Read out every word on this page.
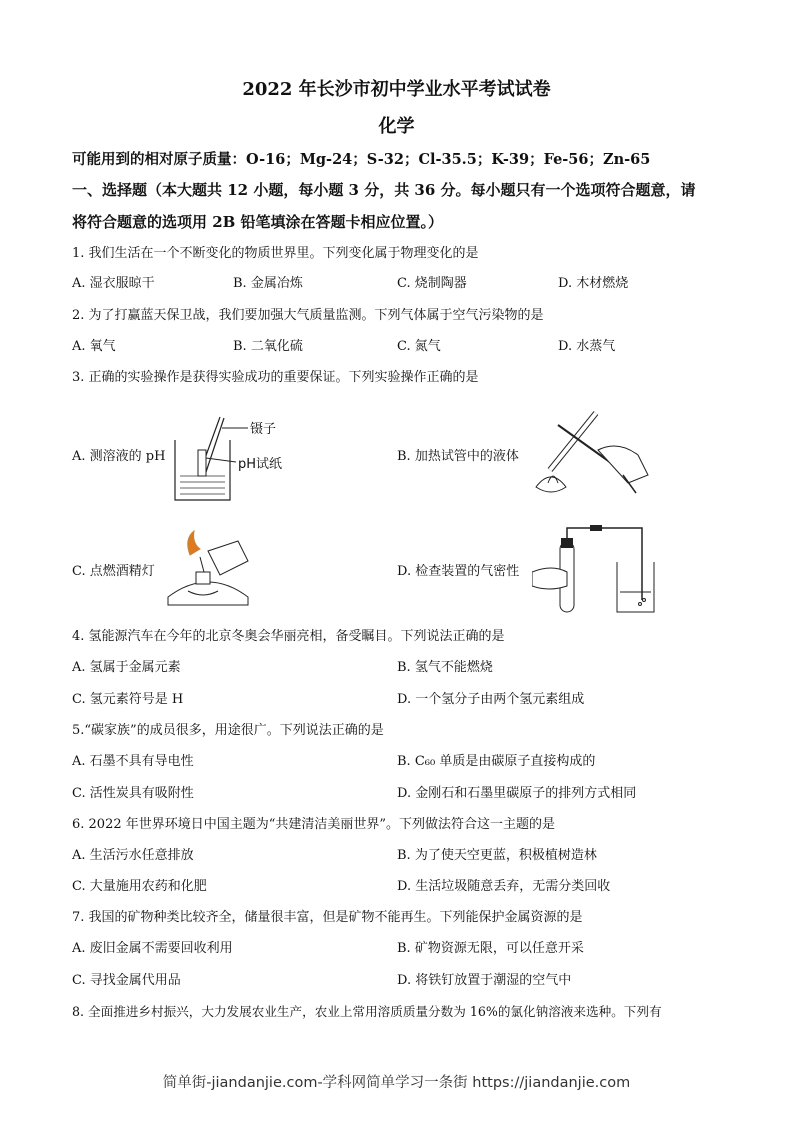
2022 年长沙市初中学业水平考试试卷
化学
可能用到的相对原子质量：O-16；Mg-24；S-32；Cl-35.5；K-39；Fe-56；Zn-65
一、选择题（本大题共 12 小题，每小题 3 分，共 36 分。每小题只有一个选项符合题意，请
将符合题意的选项用 2B 铅笔填涂在答题卡相应位置。）
1. 我们生活在一个不断变化的物质世界里。下列变化属于物理变化的是
A. 湿衣服晾干	B. 金属冶炼	C. 烧制陶器	D. 木材燃烧
2. 为了打赢蓝天保卫战，我们要加强大气质量监测。下列气体属于空气污染物的是
A. 氧气	B. 二氧化硫	C. 氮气	D. 水蒸气
3. 正确的实验操作是获得实验成功的重要保证。下列实验操作正确的是
A. 测溶液的 pH	B. 加热试管中的液体
C. 点燃酒精灯	D. 检查装置的气密性
镊子
pH试纸
4. 氢能源汽车在今年的北京冬奥会华丽亮相，备受瞩目。下列说法正确的是
A. 氢属于金属元素	B. 氢气不能燃烧
C. 氢元素符号是 H	D. 一个氢分子由两个氢元素组成
5.“碳家族”的成员很多，用途很广。下列说法正确的是
A. 石墨不具有导电性	B. C₆₀ 单质是由碳原子直接构成的
C. 活性炭具有吸附性	D. 金刚石和石墨里碳原子的排列方式相同
6. 2022 年世界环境日中国主题为“共建清洁美丽世界”。下列做法符合这一主题的是
A. 生活污水任意排放	B. 为了使天空更蓝，积极植树造林
C. 大量施用农药和化肥	D. 生活垃圾随意丢弃，无需分类回收
7. 我国的矿物种类比较齐全，储量很丰富，但是矿物不能再生。下列能保护金属资源的是
A. 废旧金属不需要回收利用	B. 矿物资源无限，可以任意开采
C. 寻找金属代用品	D. 将铁钉放置于潮湿的空气中
8. 全面推进乡村振兴，大力发展农业生产，农业上常用溶质质量分数为 16%的氯化钠溶液来选种。下列有
简单街-jiandanjie.com-学科网简单学习一条街 https://jiandanjie.com
